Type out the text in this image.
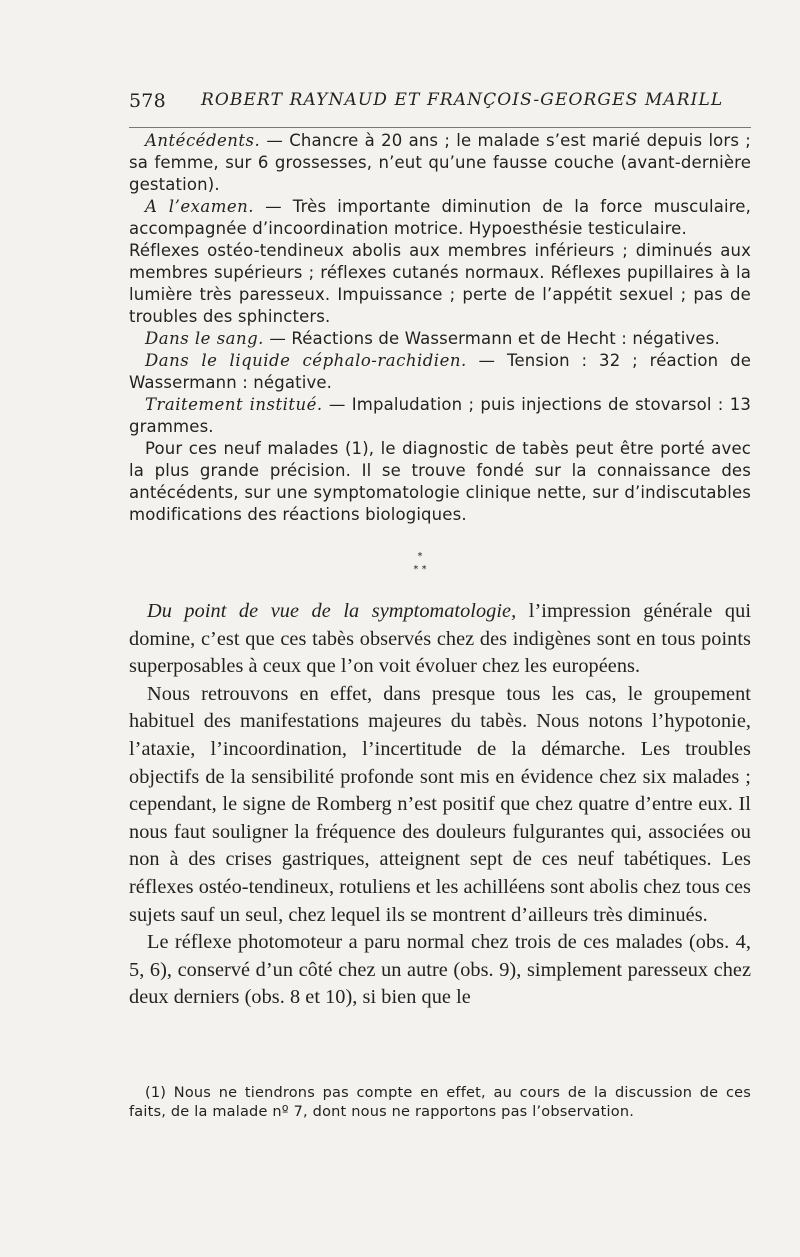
578 ROBERT RAYNAUD ET FRANÇOIS-GEORGES MARILL

Antécédents. — Chancre à 20 ans ; le malade s’est marié depuis lors ; sa femme, sur 6 grossesses, n’eut qu’une fausse couche (avant-dernière gestation).

A l’examen. — Très importante diminution de la force musculaire, accompagnée d’incoordination motrice. Hypoesthésie testiculaire.

Réflexes ostéo-tendineux abolis aux membres inférieurs ; diminués aux membres supérieurs ; réflexes cutanés normaux. Réflexes pupillaires à la lumière très paresseux. Impuissance ; perte de l’appétit sexuel ; pas de troubles des sphincters.

Dans le sang. — Réactions de Wassermann et de Hecht : négatives.

Dans le liquide céphalo-rachidien. — Tension : 32 ; réaction de Wassermann : négative.

Traitement institué. — Impaludation ; puis injections de stovarsol : 13 grammes.

Pour ces neuf malades (1), le diagnostic de tabès peut être porté avec la plus grande précision. Il se trouve fondé sur la connaissance des antécédents, sur une symptomatologie clinique nette, sur d’indiscutables modifications des réactions biologiques.

*
* *

Du point de vue de la symptomatologie, l’impression générale qui domine, c’est que ces tabès observés chez des indigènes sont en tous points superposables à ceux que l’on voit évoluer chez les européens.

Nous retrouvons en effet, dans presque tous les cas, le groupement habituel des manifestations majeures du tabès. Nous notons l’hypotonie, l’ataxie, l’incoordination, l’incertitude de la démarche. Les troubles objectifs de la sensibilité profonde sont mis en évidence chez six malades ; cependant, le signe de Romberg n’est positif que chez quatre d’entre eux. Il nous faut souligner la fréquence des douleurs fulgurantes qui, associées ou non à des crises gastriques, atteignent sept de ces neuf tabétiques. Les réflexes ostéo-tendineux, rotuliens et les achilléens sont abolis chez tous ces sujets sauf un seul, chez lequel ils se montrent d’ailleurs très diminués.

Le réflexe photomoteur a paru normal chez trois de ces malades (obs. 4, 5, 6), conservé d’un côté chez un autre (obs. 9), simplement paresseux chez deux derniers (obs. 8 et 10), si bien que le

(1) Nous ne tiendrons pas compte en effet, au cours de la discussion de ces faits, de la malade nº 7, dont nous ne rapportons pas l’observation.
